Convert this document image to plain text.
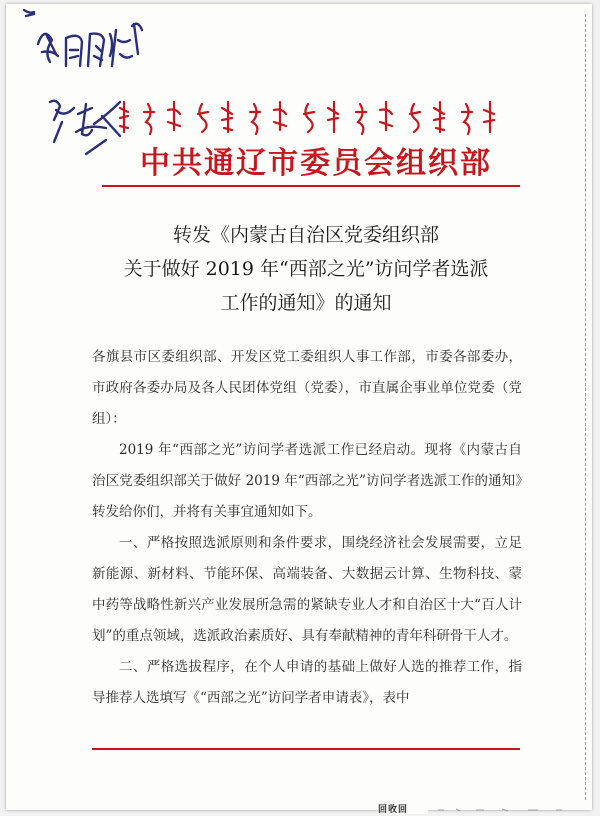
中共通辽市委员会组织部
转发《内蒙古自治区党委组织部
关于做好 2019 年“西部之光”访问学者选派
工作的通知》的通知

各旗县市区委组织部、开发区党工委组织人事工作部，市委各部委办，市政府各委办局及各人民团体党组（党委），市直属企事业单位党委（党组）：

2019 年“西部之光”访问学者选派工作已经启动。现将《内蒙古自治区党委组织部关于做好 2019 年“西部之光”访问学者选派工作的通知》转发给你们，并将有关事宜通知如下。

一、严格按照选派原则和条件要求，围绕经济社会发展需要，立足新能源、新材料、节能环保、高端装备、大数据云计算、生物科技、蒙中药等战略性新兴产业发展所急需的紧缺专业人才和自治区十大“百人计划”的重点领域，选派政治素质好、具有奉献精神的青年科研骨干人才。

二、严格选拔程序，在个人申请的基础上做好人选的推荐工作，指导推荐人选填写《“西部之光”访问学者申请表》，表中

回收回
